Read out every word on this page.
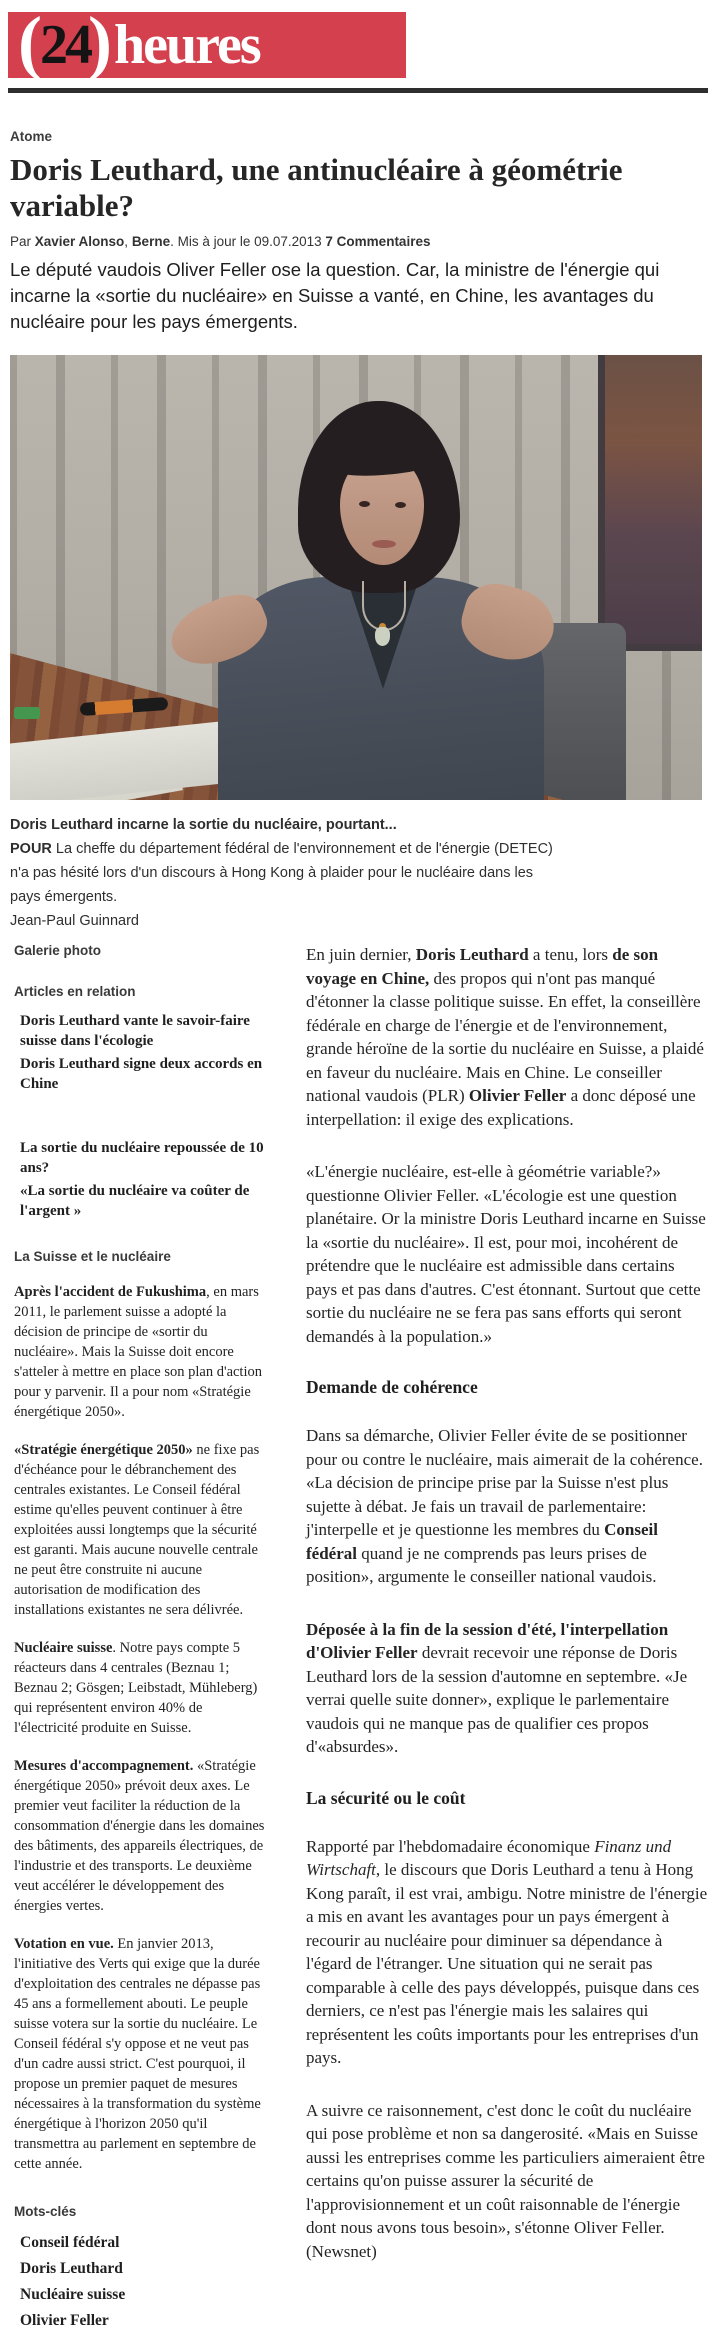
(
24
) heures
Atome
Doris Leuthard, une antinucléaire à géométrie variable?
Par Xavier Alonso, Berne. Mis à jour le 09.07.2013 7 Commentaires

Le député vaudois Oliver Feller ose la question. Car, la ministre de l'énergie qui incarne la «sortie du nucléaire» en Suisse a vanté, en Chine, les avantages du nucléaire pour les pays émergents.

Doris Leuthard incarne la sortie du nucléaire, pourtant...
POUR La cheffe du département fédéral de l'environnement et de l'énergie (DETEC) n'a pas hésité lors d'un discours à Hong Kong à plaider pour le nucléaire dans les pays émergents.
Jean-Paul Guinnard
Galerie photo
Articles en relation
Doris Leuthard vante le savoir-faire suisse dans l'écologie
Doris Leuthard signe deux accords en Chine
La sortie du nucléaire repoussée de 10 ans?
«La sortie du nucléaire va coûter de l'argent »
La Suisse et le nucléaire

Après l'accident de Fukushima, en mars 2011, le parlement suisse a adopté la décision de principe de «sortir du nucléaire». Mais la Suisse doit encore s'atteler à mettre en place son plan d'action pour y parvenir. Il a pour nom «Stratégie énergétique 2050».

«Stratégie énergétique 2050» ne fixe pas d'échéance pour le débranchement des centrales existantes. Le Conseil fédéral estime qu'elles peuvent continuer à être exploitées aussi longtemps que la sécurité est garanti. Mais aucune nouvelle centrale ne peut être construite ni aucune autorisation de modification des installations existantes ne sera délivrée.

Nucléaire suisse. Notre pays compte 5 réacteurs dans 4 centrales (Beznau 1; Beznau 2; Gösgen; Leibstadt, Mühleberg) qui représentent environ 40% de l'électricité produite en Suisse.

Mesures d'accompagnement. «Stratégie énergétique 2050» prévoit deux axes. Le premier veut faciliter la réduction de la consommation d'énergie dans les domaines des bâtiments, des appareils électriques, de l'industrie et des transports. Le deuxième veut accélérer le développement des énergies vertes.

Votation en vue. En janvier 2013, l'initiative des Verts qui exige que la durée d'exploitation des centrales ne dépasse pas 45 ans a formellement abouti. Le peuple suisse votera sur la sortie du nucléaire. Le Conseil fédéral s'y oppose et ne veut pas d'un cadre aussi strict. C'est pourquoi, il propose un premier paquet de mesures nécessaires à la transformation du système énergétique à l'horizon 2050 qu'il transmettra au parlement en septembre de cette année.

Mots-clés
Conseil fédéral
Doris Leuthard
Nucléaire suisse
Olivier Feller

En juin dernier, Doris Leuthard a tenu, lors de son voyage en Chine, des propos qui n'ont pas manqué d'étonner la classe politique suisse. En effet, la conseillère fédérale en charge de l'énergie et de l'environnement, grande héroïne de la sortie du nucléaire en Suisse, a plaidé en faveur du nucléaire. Mais en Chine. Le conseiller national vaudois (PLR) Olivier Feller a donc déposé une interpellation: il exige des explications.

«L'énergie nucléaire, est-elle à géométrie variable?» questionne Olivier Feller. «L'écologie est une question planétaire. Or la ministre Doris Leuthard incarne en Suisse la «sortie du nucléaire». Il est, pour moi, incohérent de prétendre que le nucléaire est admissible dans certains pays et pas dans d'autres. C'est étonnant. Surtout que cette sortie du nucléaire ne se fera pas sans efforts qui seront demandés à la population.»

Demande de cohérence

Dans sa démarche, Olivier Feller évite de se positionner pour ou contre le nucléaire, mais aimerait de la cohérence. «La décision de principe prise par la Suisse n'est plus sujette à débat. Je fais un travail de parlementaire: j'interpelle et je questionne les membres du Conseil fédéral quand je ne comprends pas leurs prises de position», argumente le conseiller national vaudois.

Déposée à la fin de la session d'été, l'interpellation d'Olivier Feller devrait recevoir une réponse de Doris Leuthard lors de la session d'automne en septembre. «Je verrai quelle suite donner», explique le parlementaire vaudois qui ne manque pas de qualifier ces propos d'«absurdes».

La sécurité ou le coût

Rapporté par l'hebdomadaire économique Finanz und Wirtschaft, le discours que Doris Leuthard a tenu à Hong Kong paraît, il est vrai, ambigu. Notre ministre de l'énergie a mis en avant les avantages pour un pays émergent à recourir au nucléaire pour diminuer sa dépendance à l'égard de l'étranger. Une situation qui ne serait pas comparable à celle des pays développés, puisque dans ces derniers, ce n'est pas l'énergie mais les salaires qui représentent les coûts importants pour les entreprises d'un pays.

A suivre ce raisonnement, c'est donc le coût du nucléaire qui pose problème et non sa dangerosité. «Mais en Suisse aussi les entreprises comme les particuliers aimeraient être certains qu'on puisse assurer la sécurité de l'approvisionnement et un coût raisonnable de l'énergie dont nous avons tous besoin», s'étonne Oliver Feller. (Newsnet)
